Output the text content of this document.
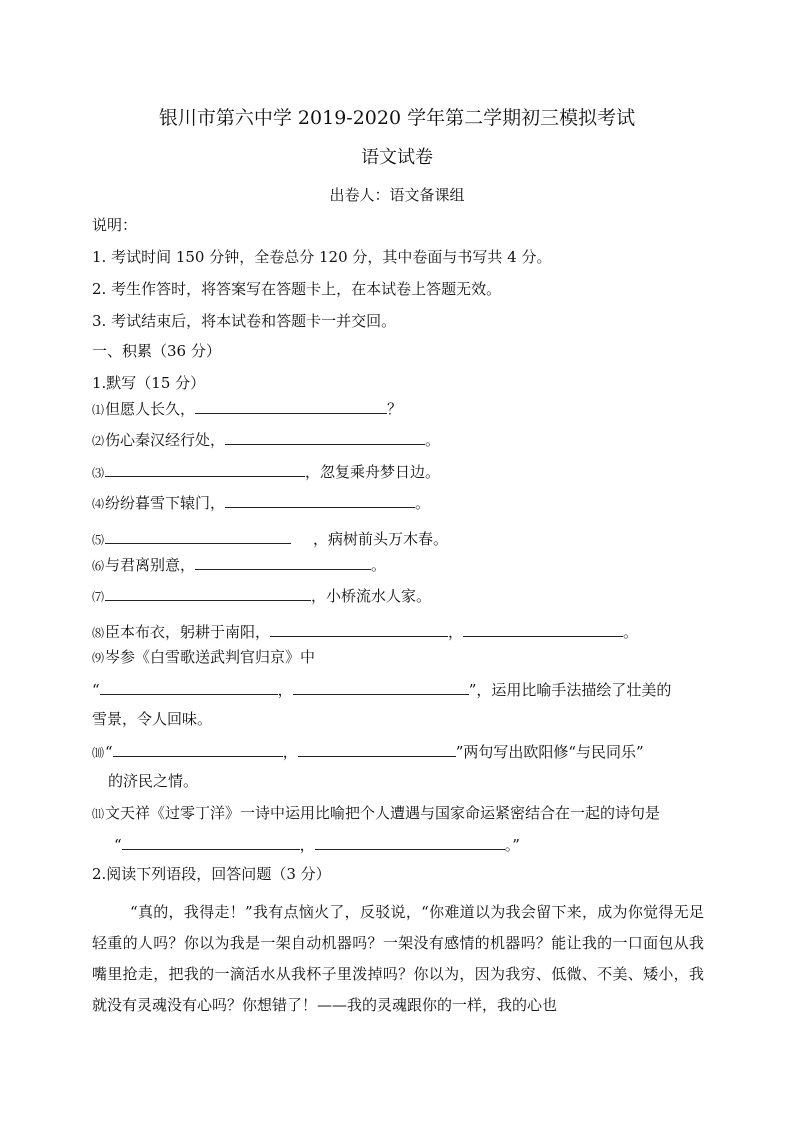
银川市第六中学 2019-2020 学年第二学期初三模拟考试
语文试卷
出卷人：语文备课组
说明：
1. 考试时间 150 分钟，全卷总分 120 分，其中卷面与书写共 4 分。
2. 考生作答时，将答案写在答题卡上，在本试卷上答题无效。
3. 考试结束后，将本试卷和答题卡一并交回。
一、积累（36 分）
1.默写（15 分）
⑴但愿人长久，	？
⑵伤心秦汉经行处，	。
⑶	，忽复乘舟梦日边。
⑷纷纷暮雪下辕门，	。
⑸	，病树前头万木春。
⑹与君离别意，	。
⑺	，小桥流水人家。
⑻臣本布衣，躬耕于南阳，	，	。
⑼岑参《白雪歌送武判官归京》中
“	，	”，运用比喻手法描绘了壮美的
雪景，令人回味。
⑽“	，	”两句写出欧阳修“与民同乐”
的济民之情。
⑾文天祥《过零丁洋》一诗中运用比喻把个人遭遇与国家命运紧密结合在一起的诗句是
“	，	。”
2.阅读下列语段，回答问题（3 分）
“真的，我得走！”我有点恼火了，反驳说，“你难道以为我会留下来，成为你觉得无足轻重的人吗？你以为我是一架自动机器吗？一架没有感情的机器吗？能让我的一口面包从我嘴里抢走，把我的一滴活水从我杯子里泼掉吗？你以为，因为我穷、低微、不美、矮小，我就没有灵魂没有心吗？你想错了！——我的灵魂跟你的一样，我的心也
